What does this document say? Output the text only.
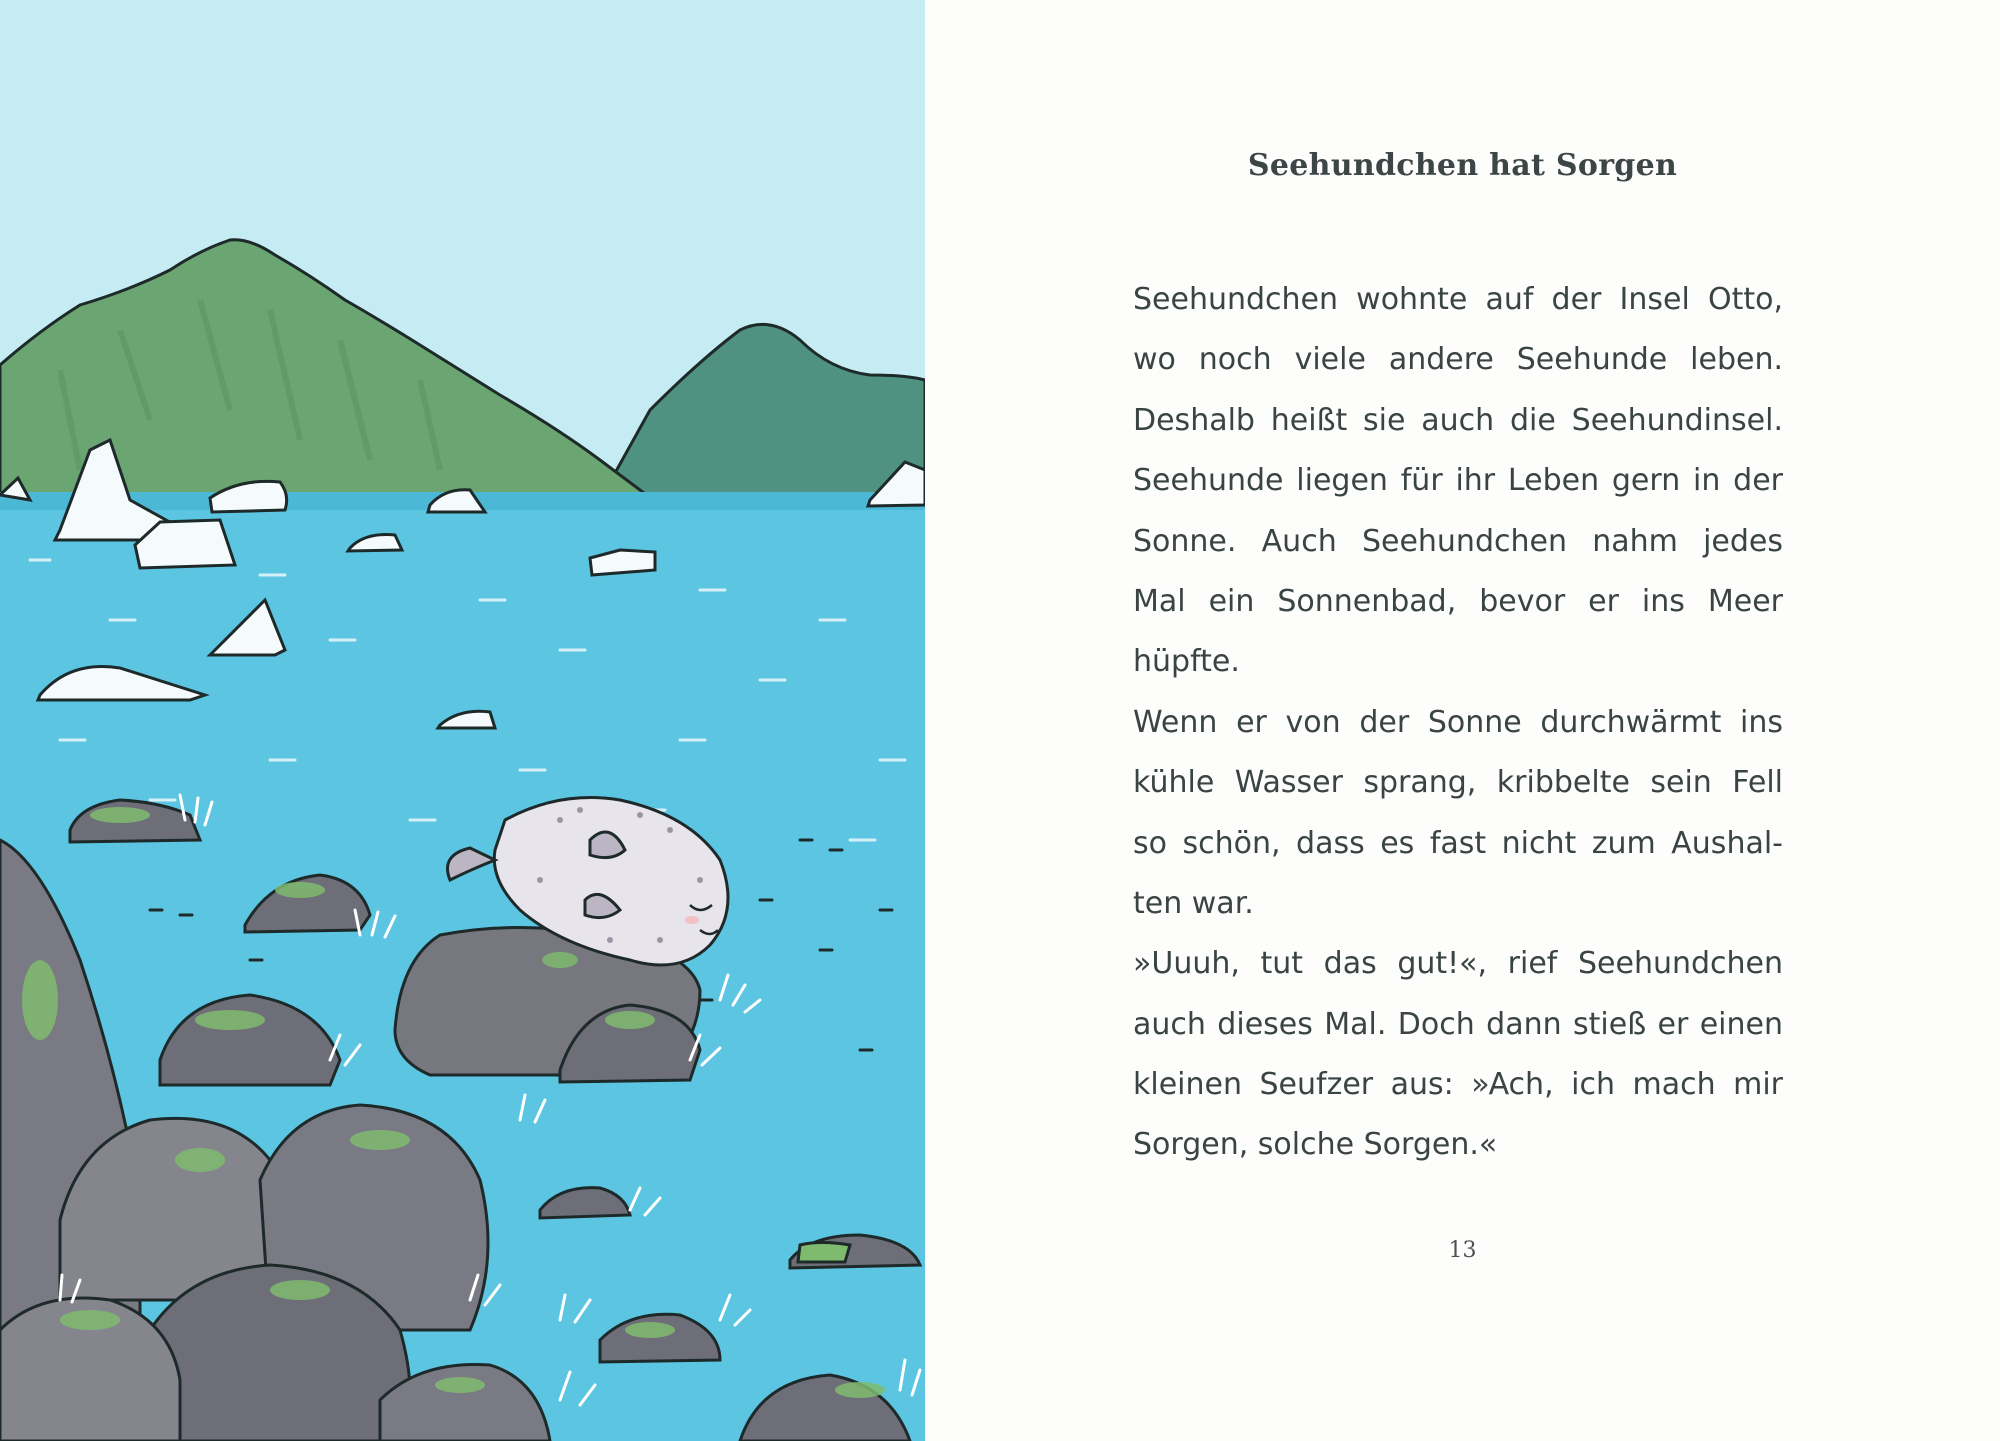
Seehundchen hat Sorgen
Seehundchen wohnte auf der Insel Otto,
wo noch viele andere Seehunde leben.
Deshalb heißt sie auch die Seehundinsel.
Seehunde liegen für ihr Leben gern in der
Sonne. Auch Seehundchen nahm jedes
Mal ein Sonnenbad, bevor er ins Meer
hüpfte.
Wenn er von der Sonne durchwärmt ins
kühle Wasser sprang, kribbelte sein Fell
so schön, dass es fast nicht zum Aushal-
ten war.
»Uuuh, tut das gut!«, rief Seehundchen
auch dieses Mal. Doch dann stieß er einen
kleinen Seufzer aus: »Ach, ich mach mir
Sorgen, solche Sorgen.«
13
